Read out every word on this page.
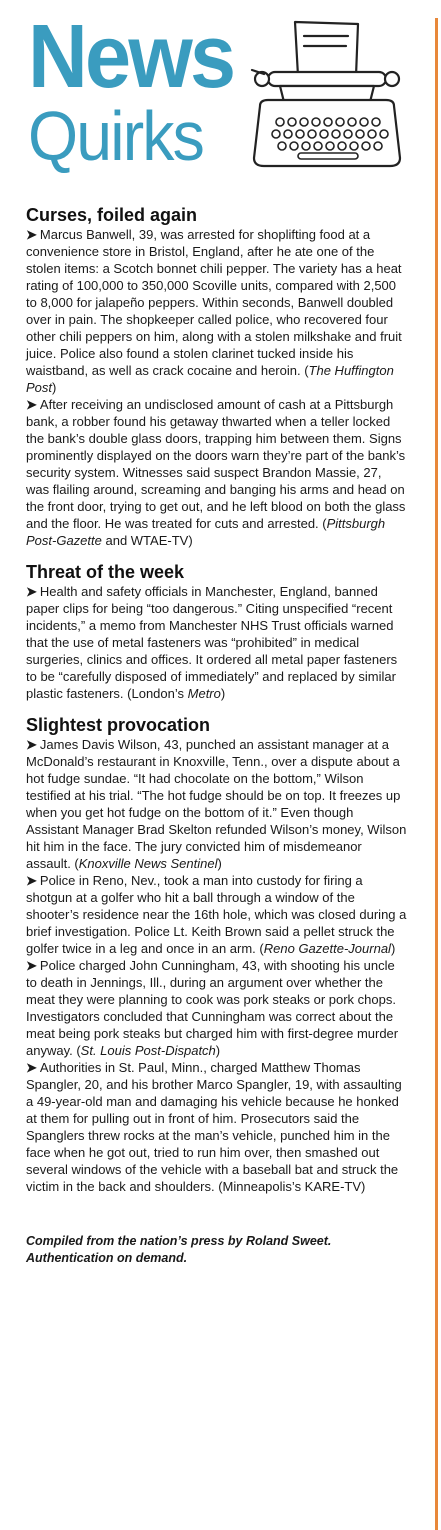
News
Quirks
Curses, foiled again

➤ Marcus Banwell, 39, was arrested for shoplifting food at a convenience store in Bristol, England, after he ate one of the stolen items: a Scotch bonnet chili pepper. The variety has a heat rating of 100,000 to 350,000 Scoville units, compared with 2,500 to 8,000 for jalapeño peppers. Within seconds, Banwell doubled over in pain. The shopkeeper called police, who recovered four other chili peppers on him, along with a stolen milkshake and fruit juice. Police also found a stolen clarinet tucked inside his waistband, as well as crack cocaine and heroin. (The Huffington Post)

➤ After receiving an undisclosed amount of cash at a Pittsburgh bank, a robber found his getaway thwarted when a teller locked the bank’s double glass doors, trapping him between them. Signs prominently displayed on the doors warn they’re part of the bank’s security system. Witnesses said suspect Brandon Massie, 27, was flailing around, screaming and banging his arms and head on the front door, trying to get out, and he left blood on both the glass and the floor. He was treated for cuts and arrested. (Pittsburgh Post-Gazette and WTAE-TV)

Threat of the week

➤ Health and safety officials in Manchester, England, banned paper clips for being “too dangerous.” Citing unspecified “recent incidents,” a memo from Manchester NHS Trust officials warned that the use of metal fasteners was “prohibited” in medical surgeries, clinics and offices. It ordered all metal paper fasteners to be “carefully disposed of immediately” and replaced by similar plastic fasteners. (London’s Metro)

Slightest provocation

➤ James Davis Wilson, 43, punched an assistant manager at a McDonald’s restaurant in Knoxville, Tenn., over a dispute about a hot fudge sundae. “It had chocolate on the bottom,” Wilson testified at his trial. “The hot fudge should be on top. It freezes up when you get hot fudge on the bottom of it.” Even though Assistant Manager Brad Skelton refunded Wilson’s money, Wilson hit him in the face. The jury convicted him of misdemeanor assault. (Knoxville News Sentinel)

➤ Police in Reno, Nev., took a man into custody for firing a shotgun at a golfer who hit a ball through a window of the shooter’s residence near the 16th hole, which was closed during a brief investigation. Police Lt. Keith Brown said a pellet struck the golfer twice in a leg and once in an arm. (Reno Gazette-Journal)

➤ Police charged John Cunningham, 43, with shooting his uncle to death in Jennings, Ill., during an argument over whether the meat they were planning to cook was pork steaks or pork chops. Investigators concluded that Cunningham was correct about the meat being pork steaks but charged him with first-degree murder anyway. (St. Louis Post-Dispatch)

➤ Authorities in St. Paul, Minn., charged Matthew Thomas Spangler, 20, and his brother Marco Spangler, 19, with assaulting a 49-year-old man and damaging his vehicle because he honked at them for pulling out in front of him. Prosecutors said the Spanglers threw rocks at the man’s vehicle, punched him in the face when he got out, tried to run him over, then smashed out several windows of the vehicle with a baseball bat and struck the victim in the back and shoulders. (Minneapolis’s KARE-TV)

Compiled from the nation’s press by Roland Sweet.
Authentication on demand.
